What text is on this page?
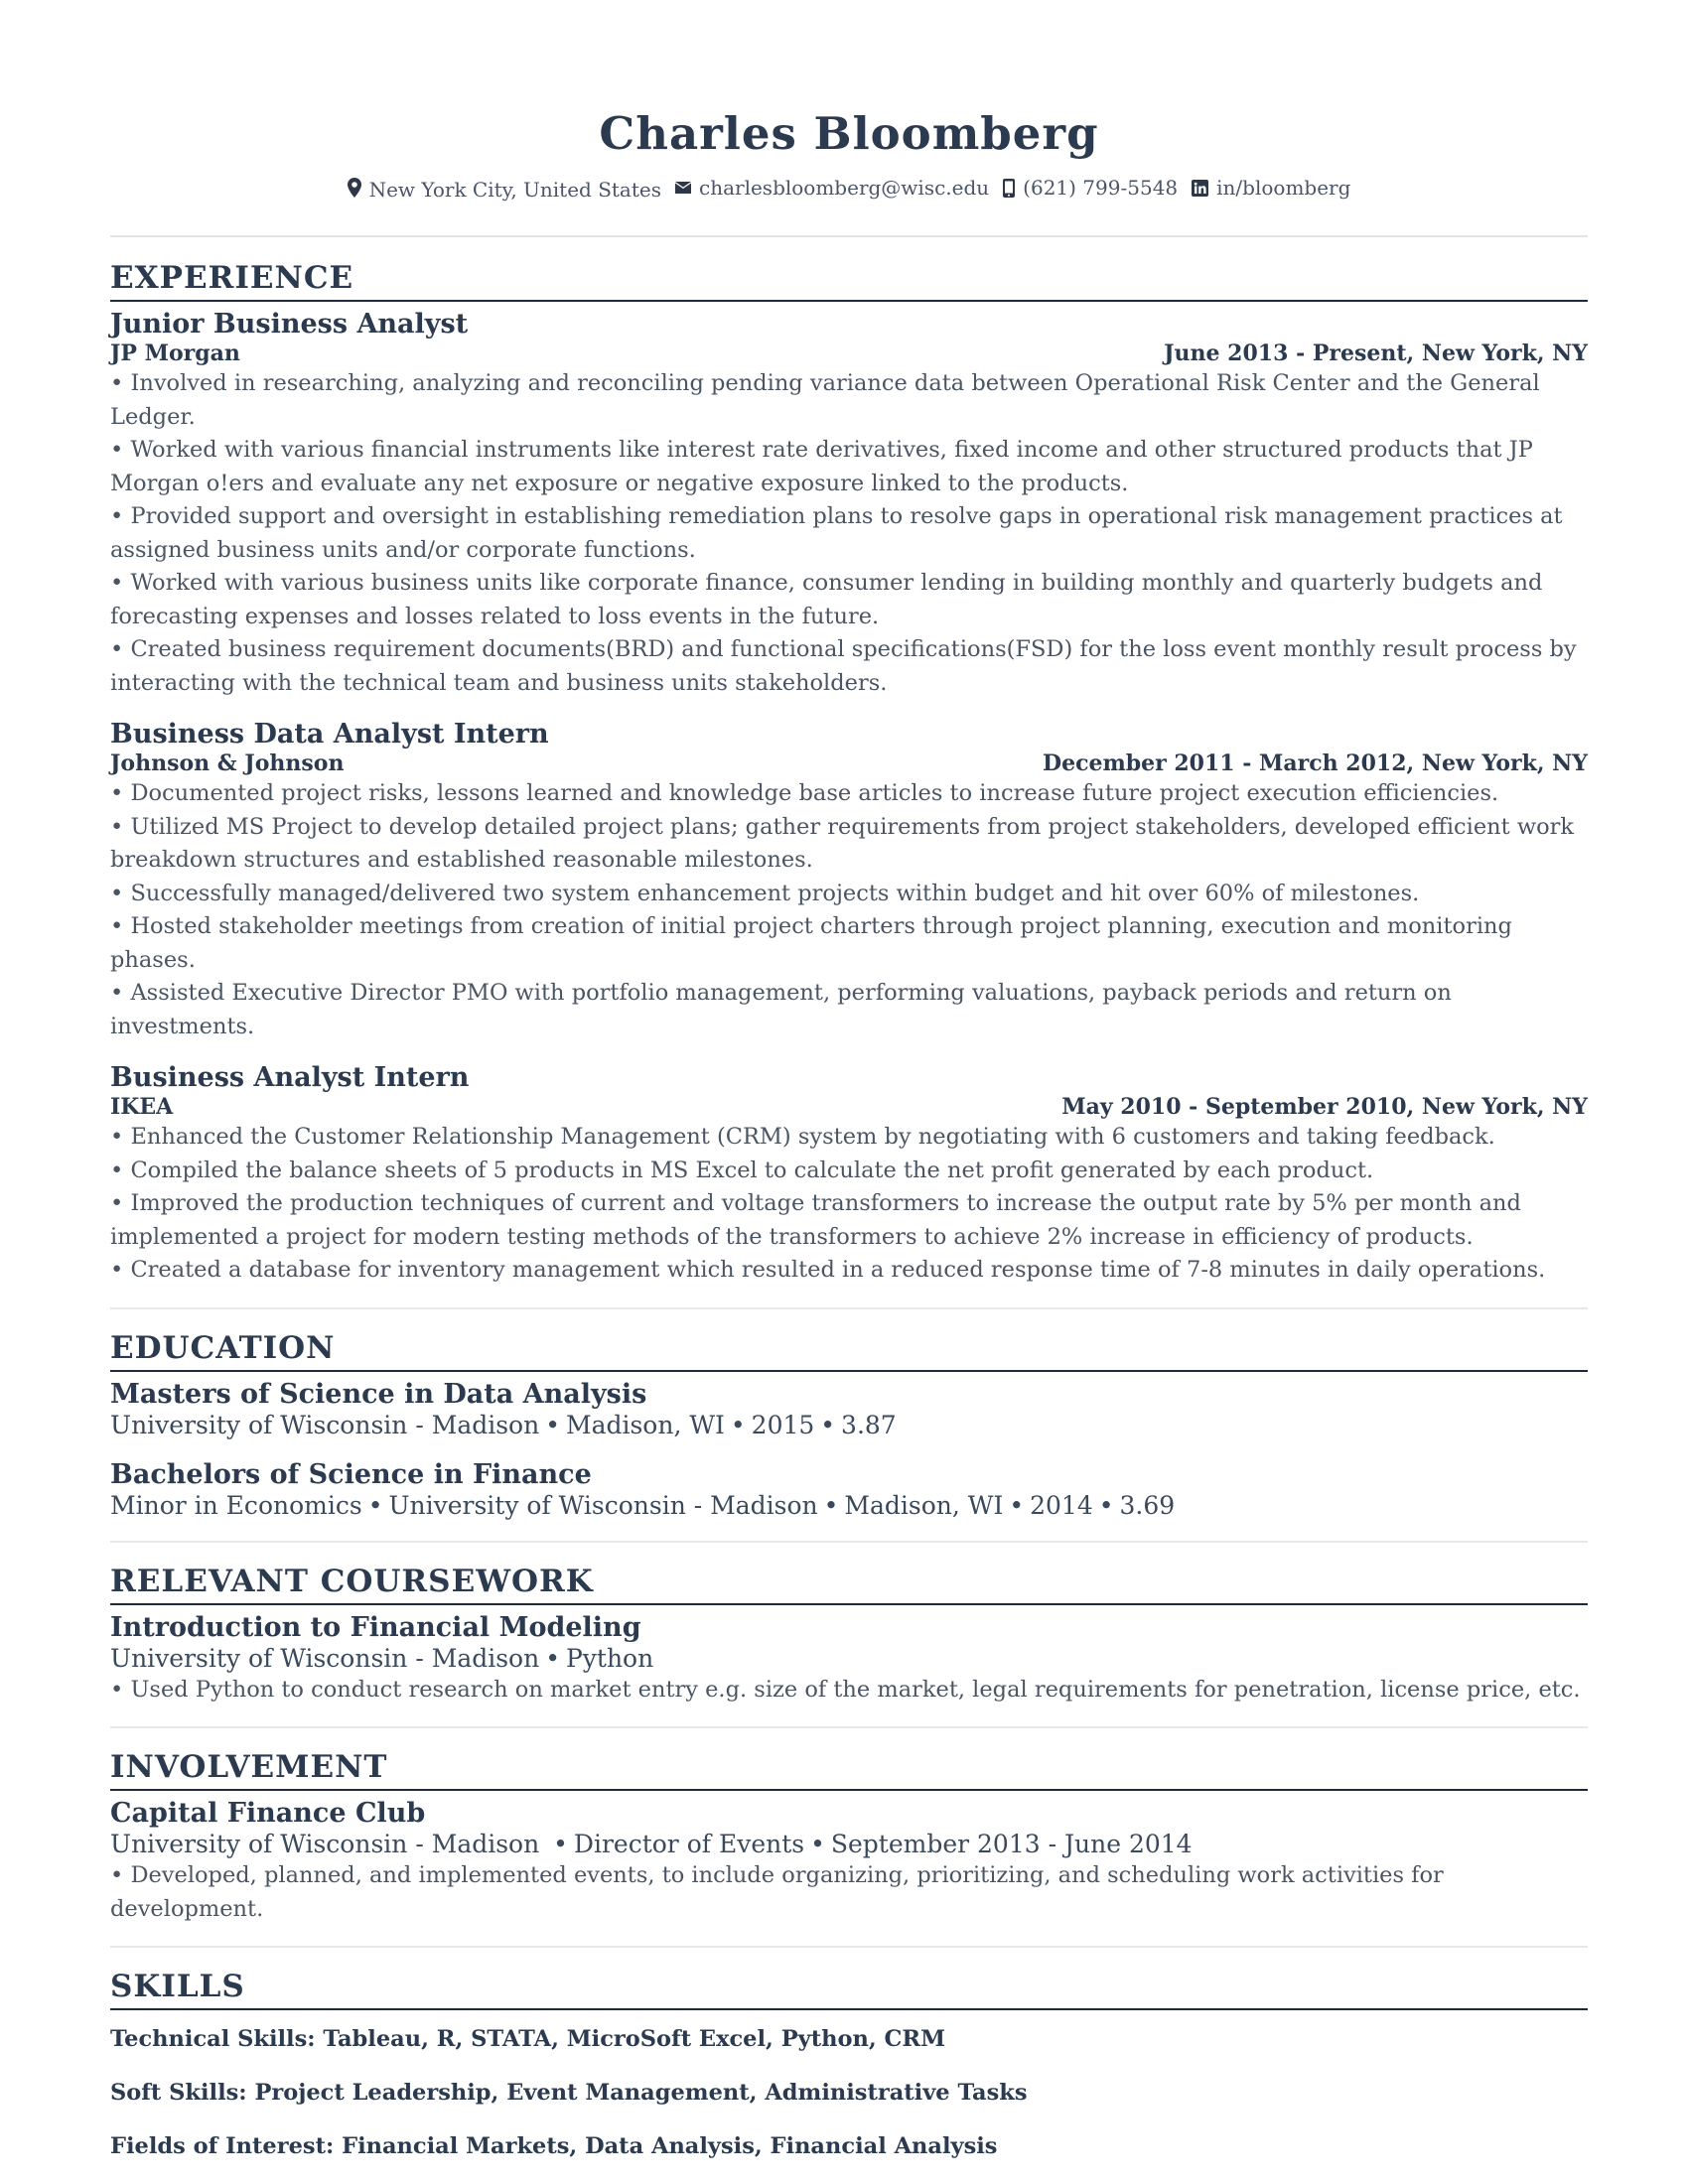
Charles Bloomberg
New York City, United States charlesbloomberg@wisc.edu (621) 799-5548 in/bloomberg
EXPERIENCE
Junior Business Analyst
JP Morgan	June 2013 - Present, New York, NY
• Involved in researching, analyzing and reconciling pending variance data between Operational Risk Center and the General Ledger.
• Worked with various financial instruments like interest rate derivatives, fixed income and other structured products that JP Morgan o!ers and evaluate any net exposure or negative exposure linked to the products.
• Provided support and oversight in establishing remediation plans to resolve gaps in operational risk management practices at assigned business units and/or corporate functions.
• Worked with various business units like corporate finance, consumer lending in building monthly and quarterly budgets and forecasting expenses and losses related to loss events in the future.
• Created business requirement documents(BRD) and functional specifications(FSD) for the loss event monthly result process by interacting with the technical team and business units stakeholders.
Business Data Analyst Intern
Johnson & Johnson	December 2011 - March 2012, New York, NY
• Documented project risks, lessons learned and knowledge base articles to increase future project execution efficiencies.
• Utilized MS Project to develop detailed project plans; gather requirements from project stakeholders, developed efficient work breakdown structures and established reasonable milestones.
• Successfully managed/delivered two system enhancement projects within budget and hit over 60% of milestones.
• Hosted stakeholder meetings from creation of initial project charters through project planning, execution and monitoring phases.
• Assisted Executive Director PMO with portfolio management, performing valuations, payback periods and return on investments.
Business Analyst Intern
IKEA	May 2010 - September 2010, New York, NY
• Enhanced the Customer Relationship Management (CRM) system by negotiating with 6 customers and taking feedback.
• Compiled the balance sheets of 5 products in MS Excel to calculate the net profit generated by each product.
• Improved the production techniques of current and voltage transformers to increase the output rate by 5% per month and implemented a project for modern testing methods of the transformers to achieve 2% increase in efficiency of products.
• Created a database for inventory management which resulted in a reduced response time of 7-8 minutes in daily operations.
EDUCATION
Masters of Science in Data Analysis
University of Wisconsin - Madison • Madison, WI • 2015 • 3.87
Bachelors of Science in Finance
Minor in Economics • University of Wisconsin - Madison • Madison, WI • 2014 • 3.69
RELEVANT COURSEWORK
Introduction to Financial Modeling
University of Wisconsin - Madison • Python
• Used Python to conduct research on market entry e.g. size of the market, legal requirements for penetration, license price, etc.
INVOLVEMENT
Capital Finance Club
University of Wisconsin - Madison • Director of Events • September 2013 - June 2014
• Developed, planned, and implemented events, to include organizing, prioritizing, and scheduling work activities for development.
SKILLS
Technical Skills: Tableau, R, STATA, MicroSoft Excel, Python, CRM
Soft Skills: Project Leadership, Event Management, Administrative Tasks
Fields of Interest: Financial Markets, Data Analysis, Financial Analysis
